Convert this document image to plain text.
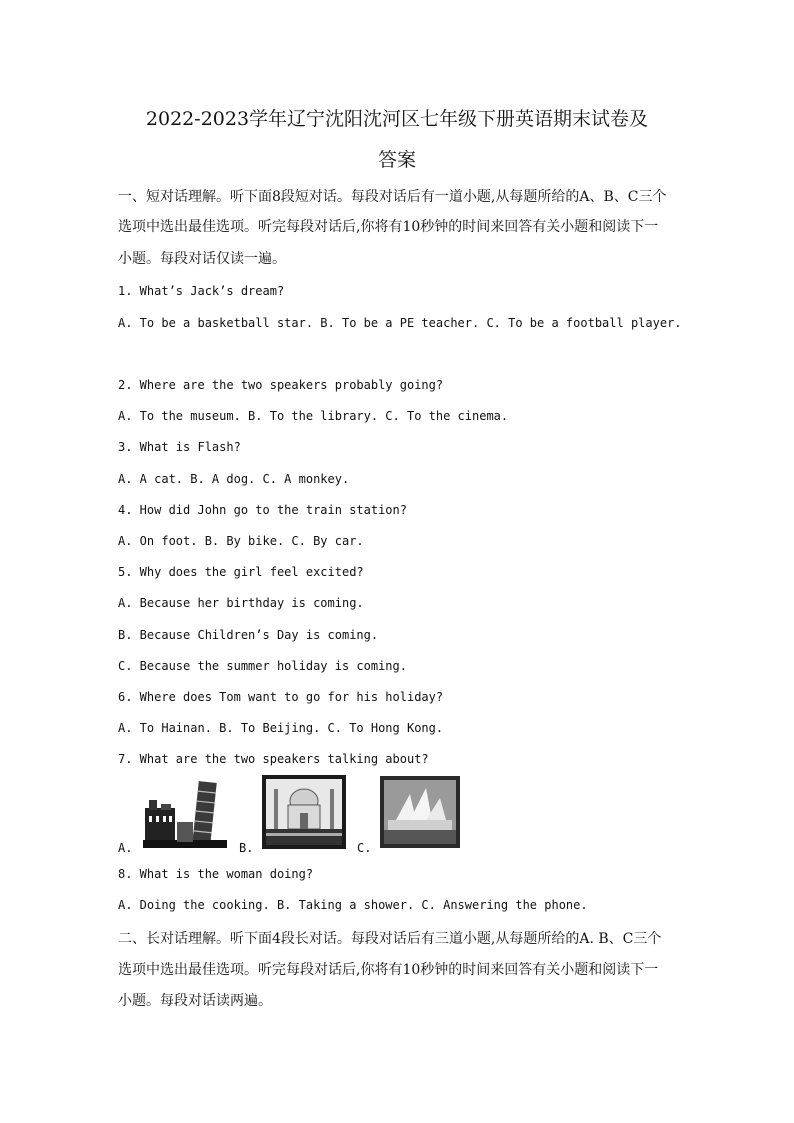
2022-2023学年辽宁沈阳沈河区七年级下册英语期末试卷及
答案
一、短对话理解。听下面8段短对话。每段对话后有一道小题,从每题所给的A、B、C三个
选项中选出最佳选项。听完每段对话后,你将有10秒钟的时间来回答有关小题和阅读下一
小题。每段对话仅读一遍。
1. What’s Jack’s dream?
A. To be a basketball star. B. To be a PE teacher. C. To be a football player.
2. Where are the two speakers probably going?
A. To the museum. B. To the library. C. To the cinema.
3. What is Flash?
A. A cat. B. A dog. C. A monkey.
4. How did John go to the train station?
A. On foot. B. By bike. C. By car.
5. Why does the girl feel excited?
A. Because her birthday is coming.
B. Because Children’s Day is coming.
C. Because the summer holiday is coming.
6. Where does Tom want to go for his holiday?
A. To Hainan. B. To Beijing. C. To Hong Kong.
7. What are the two speakers talking about?
A.	B.	C.
8. What is the woman doing?
A. Doing the cooking. B. Taking a shower. C. Answering the phone.
二、长对话理解。听下面4段长对话。每段对话后有三道小题,从每题所给的A. B、C三个
选项中选出最佳选项。听完每段对话后,你将有10秒钟的时间来回答有关小题和阅读下一
小题。每段对话读两遍。
